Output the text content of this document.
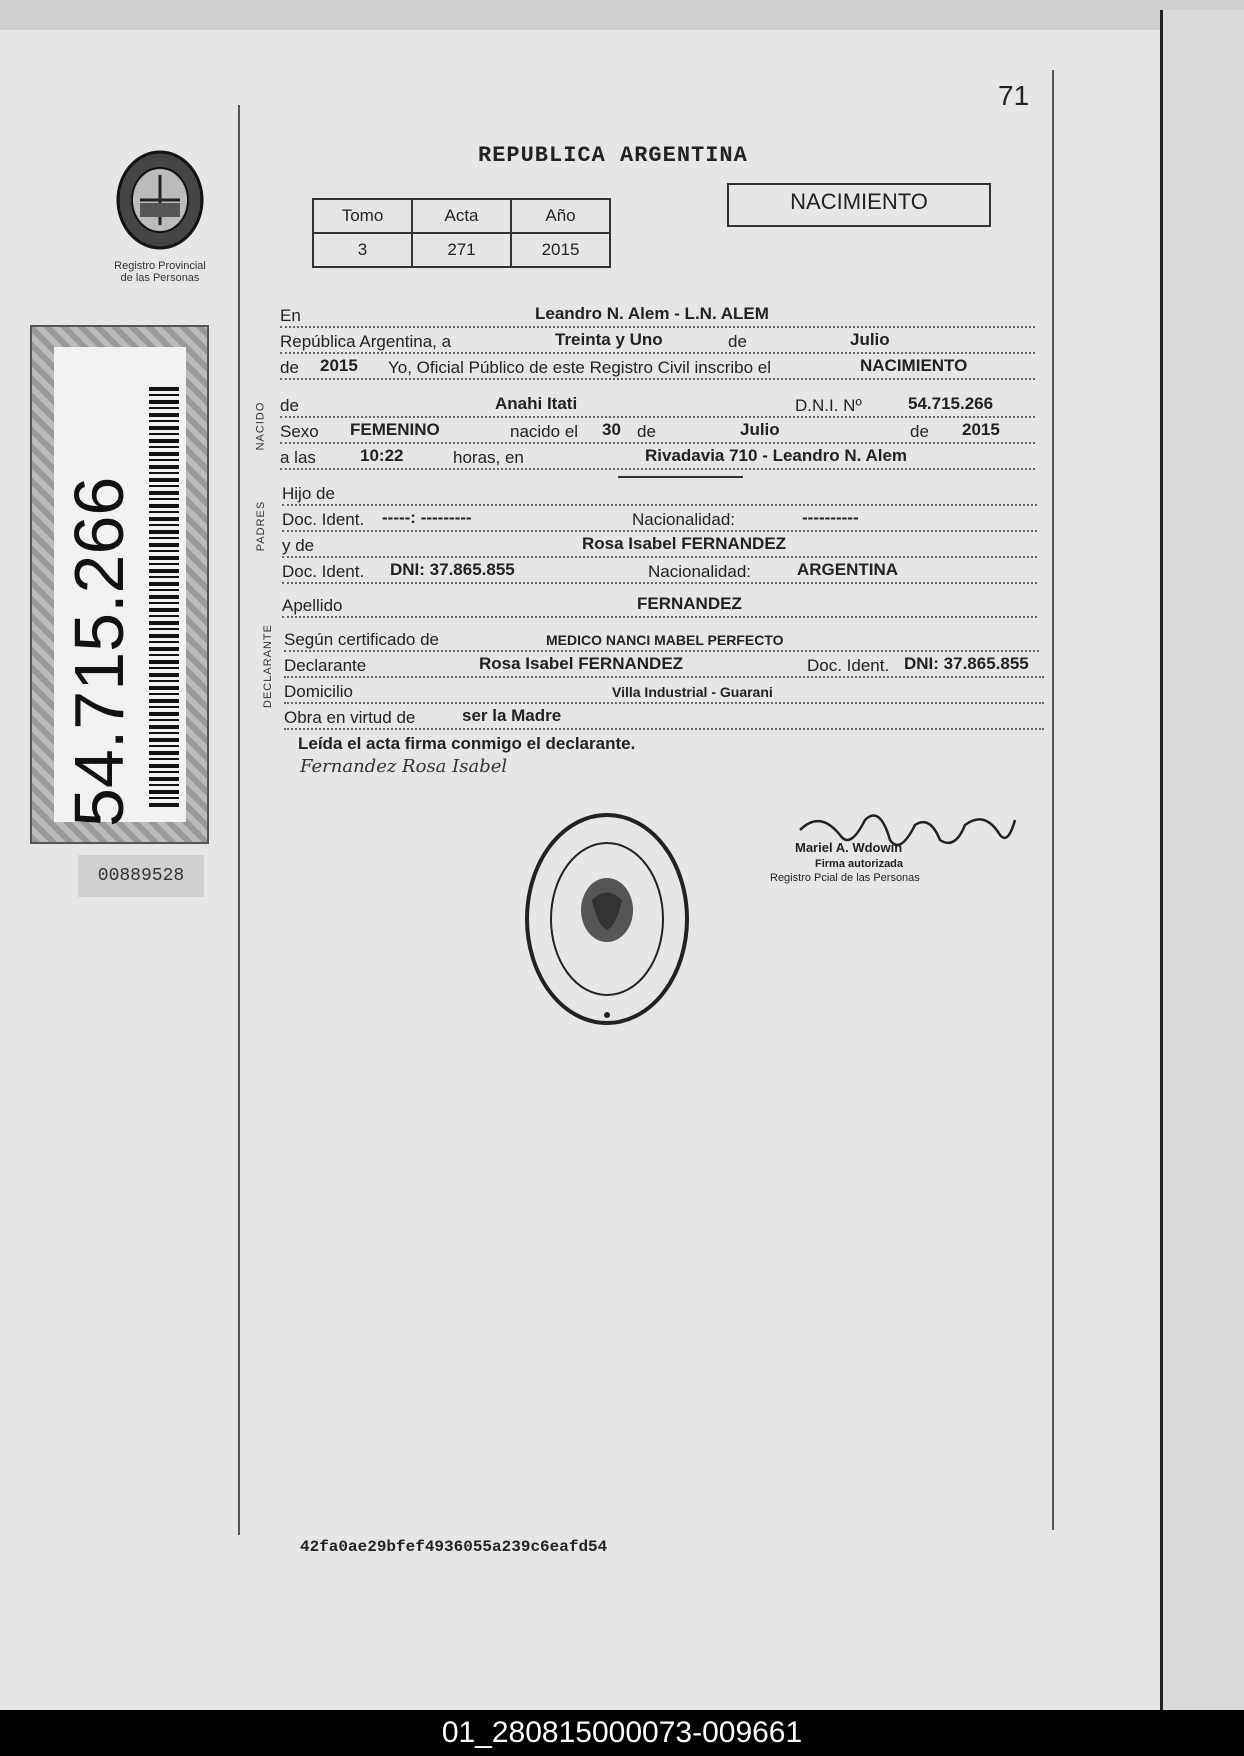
71
Registro Provincial
de las Personas
REPUBLICA ARGENTINA
Tomo	Acta	Año
3	271	2015
NACIMIENTO
54.715.266
00889528
NACIDO
PADRES
DECLARANTE
En	Leandro N. Alem - L.N. ALEM
República Argentina, a	Treinta y Uno	de	Julio
de 2015 Yo, Oficial Público de este Registro Civil inscribo el	NACIMIENTO
de	Anahi Itati	D.N.I. Nº	54.715.266
Sexo FEMENINO	nacido el 30 de	Julio	de 2015
a las	10:22	horas, en	Rivadavia 710 - Leandro N. Alem
Hijo de
Doc. Ident. -----: ---------	Nacionalidad:	----------
y de	Rosa Isabel FERNANDEZ
Doc. Ident. DNI: 37.865.855	Nacionalidad:	ARGENTINA
Apellido	FERNANDEZ
Según certificado de	MEDICO NANCI MABEL PERFECTO
Declarante	Rosa Isabel FERNANDEZ	Doc. Ident. DNI: 37.865.855
Domicilio	Villa Industrial - Guarani
Obra en virtud de	ser la Madre
Leída el acta firma conmigo el declarante.
Fernandez Rosa Isabel
Mariel A. Wdowin
Firma autorizada
Registro Pcial de las Personas
42fa0ae29bfef4936055a239c6eafd54
01_280815000073-009661
